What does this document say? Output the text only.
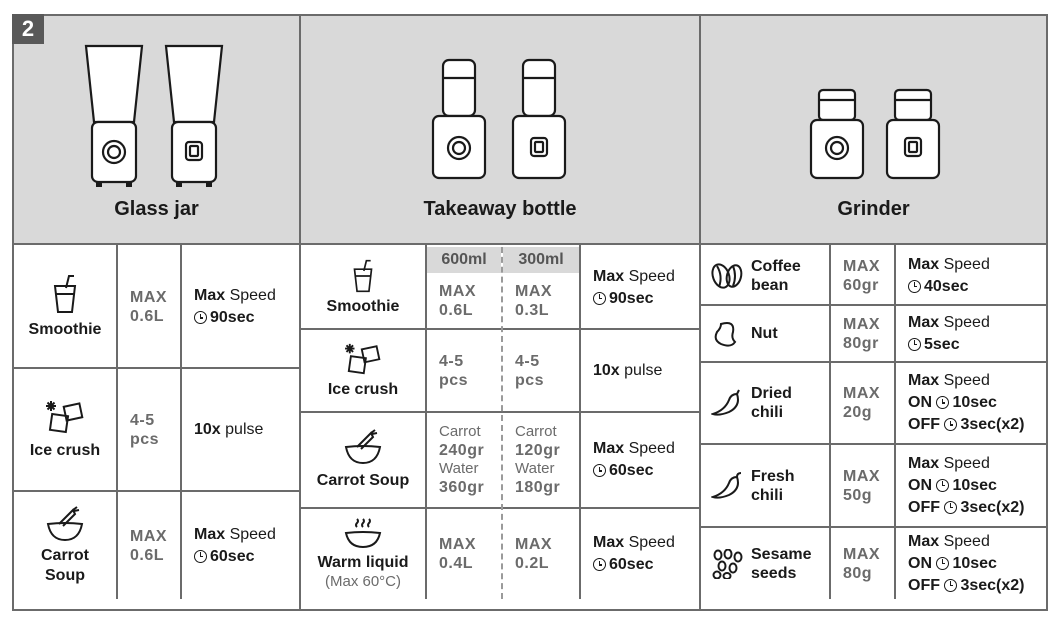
2
Glass jar
Smoothie
MAX
0.6L
Max Speed
90sec
Ice crush
4-5
pcs
10x pulse
Carrot
Soup
MAX
0.6L
Max Speed
60sec
Takeaway bottle
600ml	300ml
Smoothie
MAX
0.6L
MAX
0.3L
Max Speed
90sec
Ice crush
4-5
pcs
4-5
pcs
10x pulse
Carrot Soup
Carrot
240gr
Water
360gr
Carrot
120gr
Water
180gr
Max Speed
60sec
Warm liquid
(Max 60°C)
MAX
0.4L
MAX
0.2L
Max Speed
60sec
Grinder
Coffee
bean
MAX
60gr
Max Speed
40sec
Nut
MAX
80gr
Max Speed
5sec
Dried
chili
MAX
20g
Max Speed
ON 10sec
OFF 3sec(x2)
Fresh
chili
MAX
50g
Max Speed
ON 10sec
OFF 3sec(x2)
Sesame
seeds
MAX
80g
Max Speed
ON 10sec
OFF 3sec(x2)
